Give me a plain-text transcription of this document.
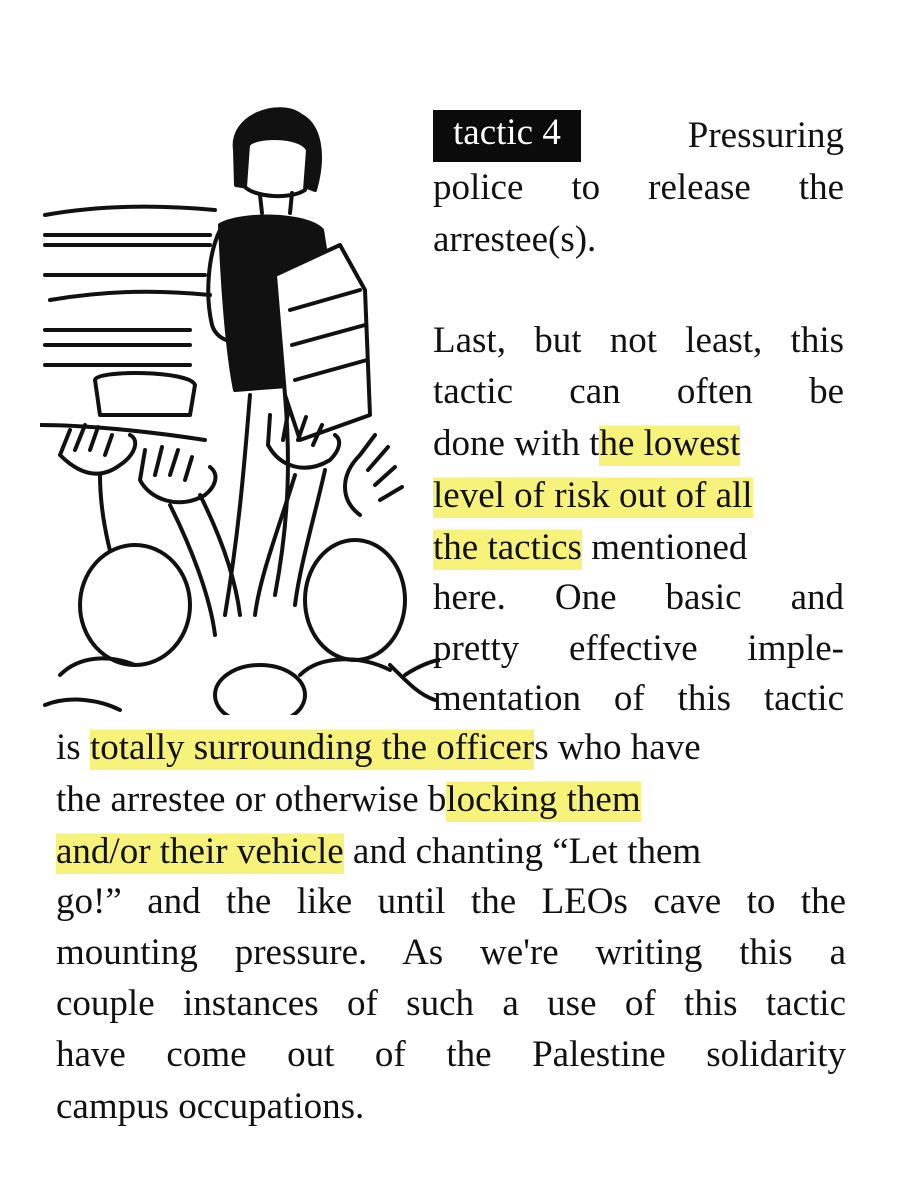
tactic 4	Pressuring
police to release the
arrestee(s).
Last, but not least, this
tactic can often be
done with the lowest
level of risk out of all
the tactics mentioned
here. One basic and
pretty effective imple-
mentation of this tactic
is totally surrounding the officers who have
the arrestee or otherwise blocking them
and/or their vehicle and chanting “Let them
go!” and the like until the LEOs cave to the
mounting pressure. As we're writing this a
couple instances of such a use of this tactic
have come out of the Palestine solidarity
campus occupations.
